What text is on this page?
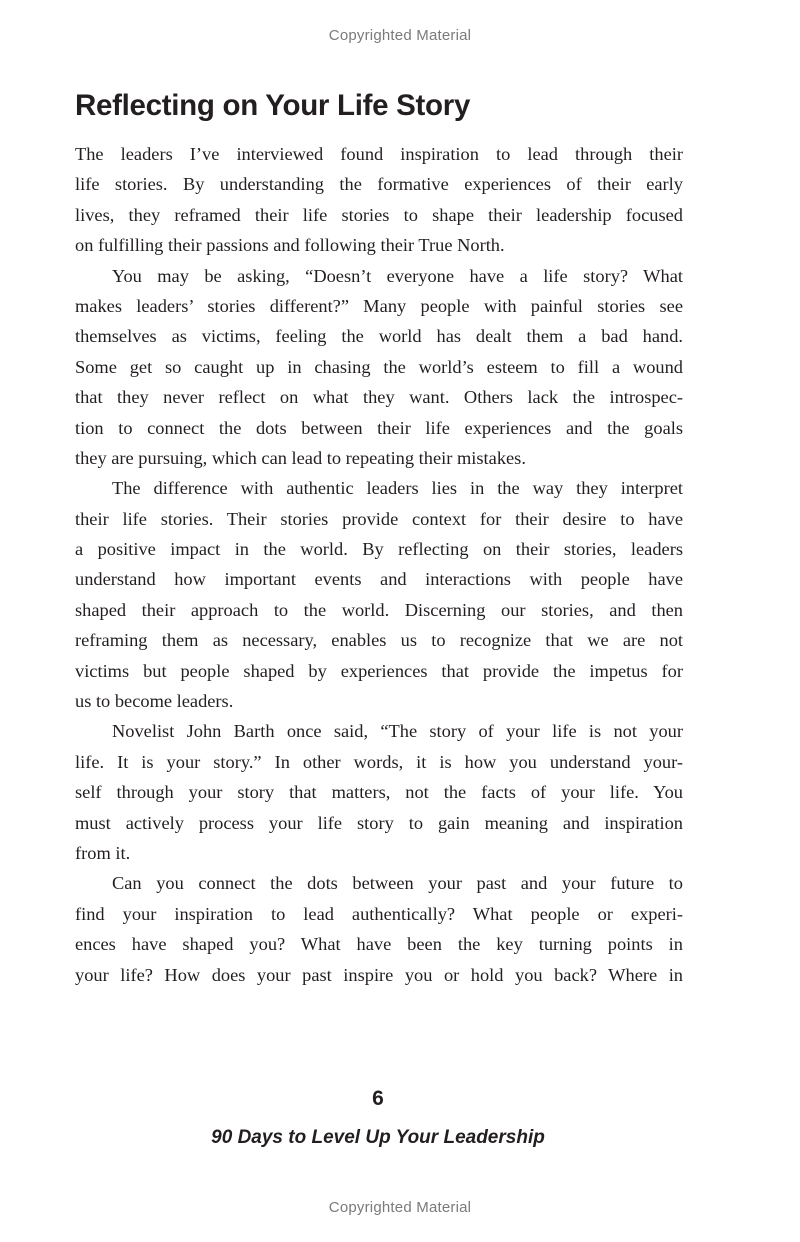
Copyrighted Material
Reflecting on Your Life Story
The leaders I’ve interviewed found inspiration to lead through their
life stories. By understanding the formative experiences of their early
lives, they reframed their life stories to shape their leadership focused
on fulfilling their passions and following their True North.
You may be asking, “Doesn’t everyone have a life story? What
makes leaders’ stories different?” Many people with painful stories see
themselves as victims, feeling the world has dealt them a bad hand.
Some get so caught up in chasing the world’s esteem to fill a wound
that they never reflect on what they want. Others lack the introspec-
tion to connect the dots between their life experiences and the goals
they are pursuing, which can lead to repeating their mistakes.
The difference with authentic leaders lies in the way they interpret
their life stories. Their stories provide context for their desire to have
a positive impact in the world. By reflecting on their stories, leaders
understand how important events and interactions with people have
shaped their approach to the world. Discerning our stories, and then
reframing them as necessary, enables us to recognize that we are not
victims but people shaped by experiences that provide the impetus for
us to become leaders.
Novelist John Barth once said, “The story of your life is not your
life. It is your story.” In other words, it is how you understand your-
self through your story that matters, not the facts of your life. You
must actively process your life story to gain meaning and inspiration
from it.
Can you connect the dots between your past and your future to
find your inspiration to lead authentically? What people or experi-
ences have shaped you? What have been the key turning points in
your life? How does your past inspire you or hold you back? Where in
6
90 Days to Level Up Your Leadership
Copyrighted Material
